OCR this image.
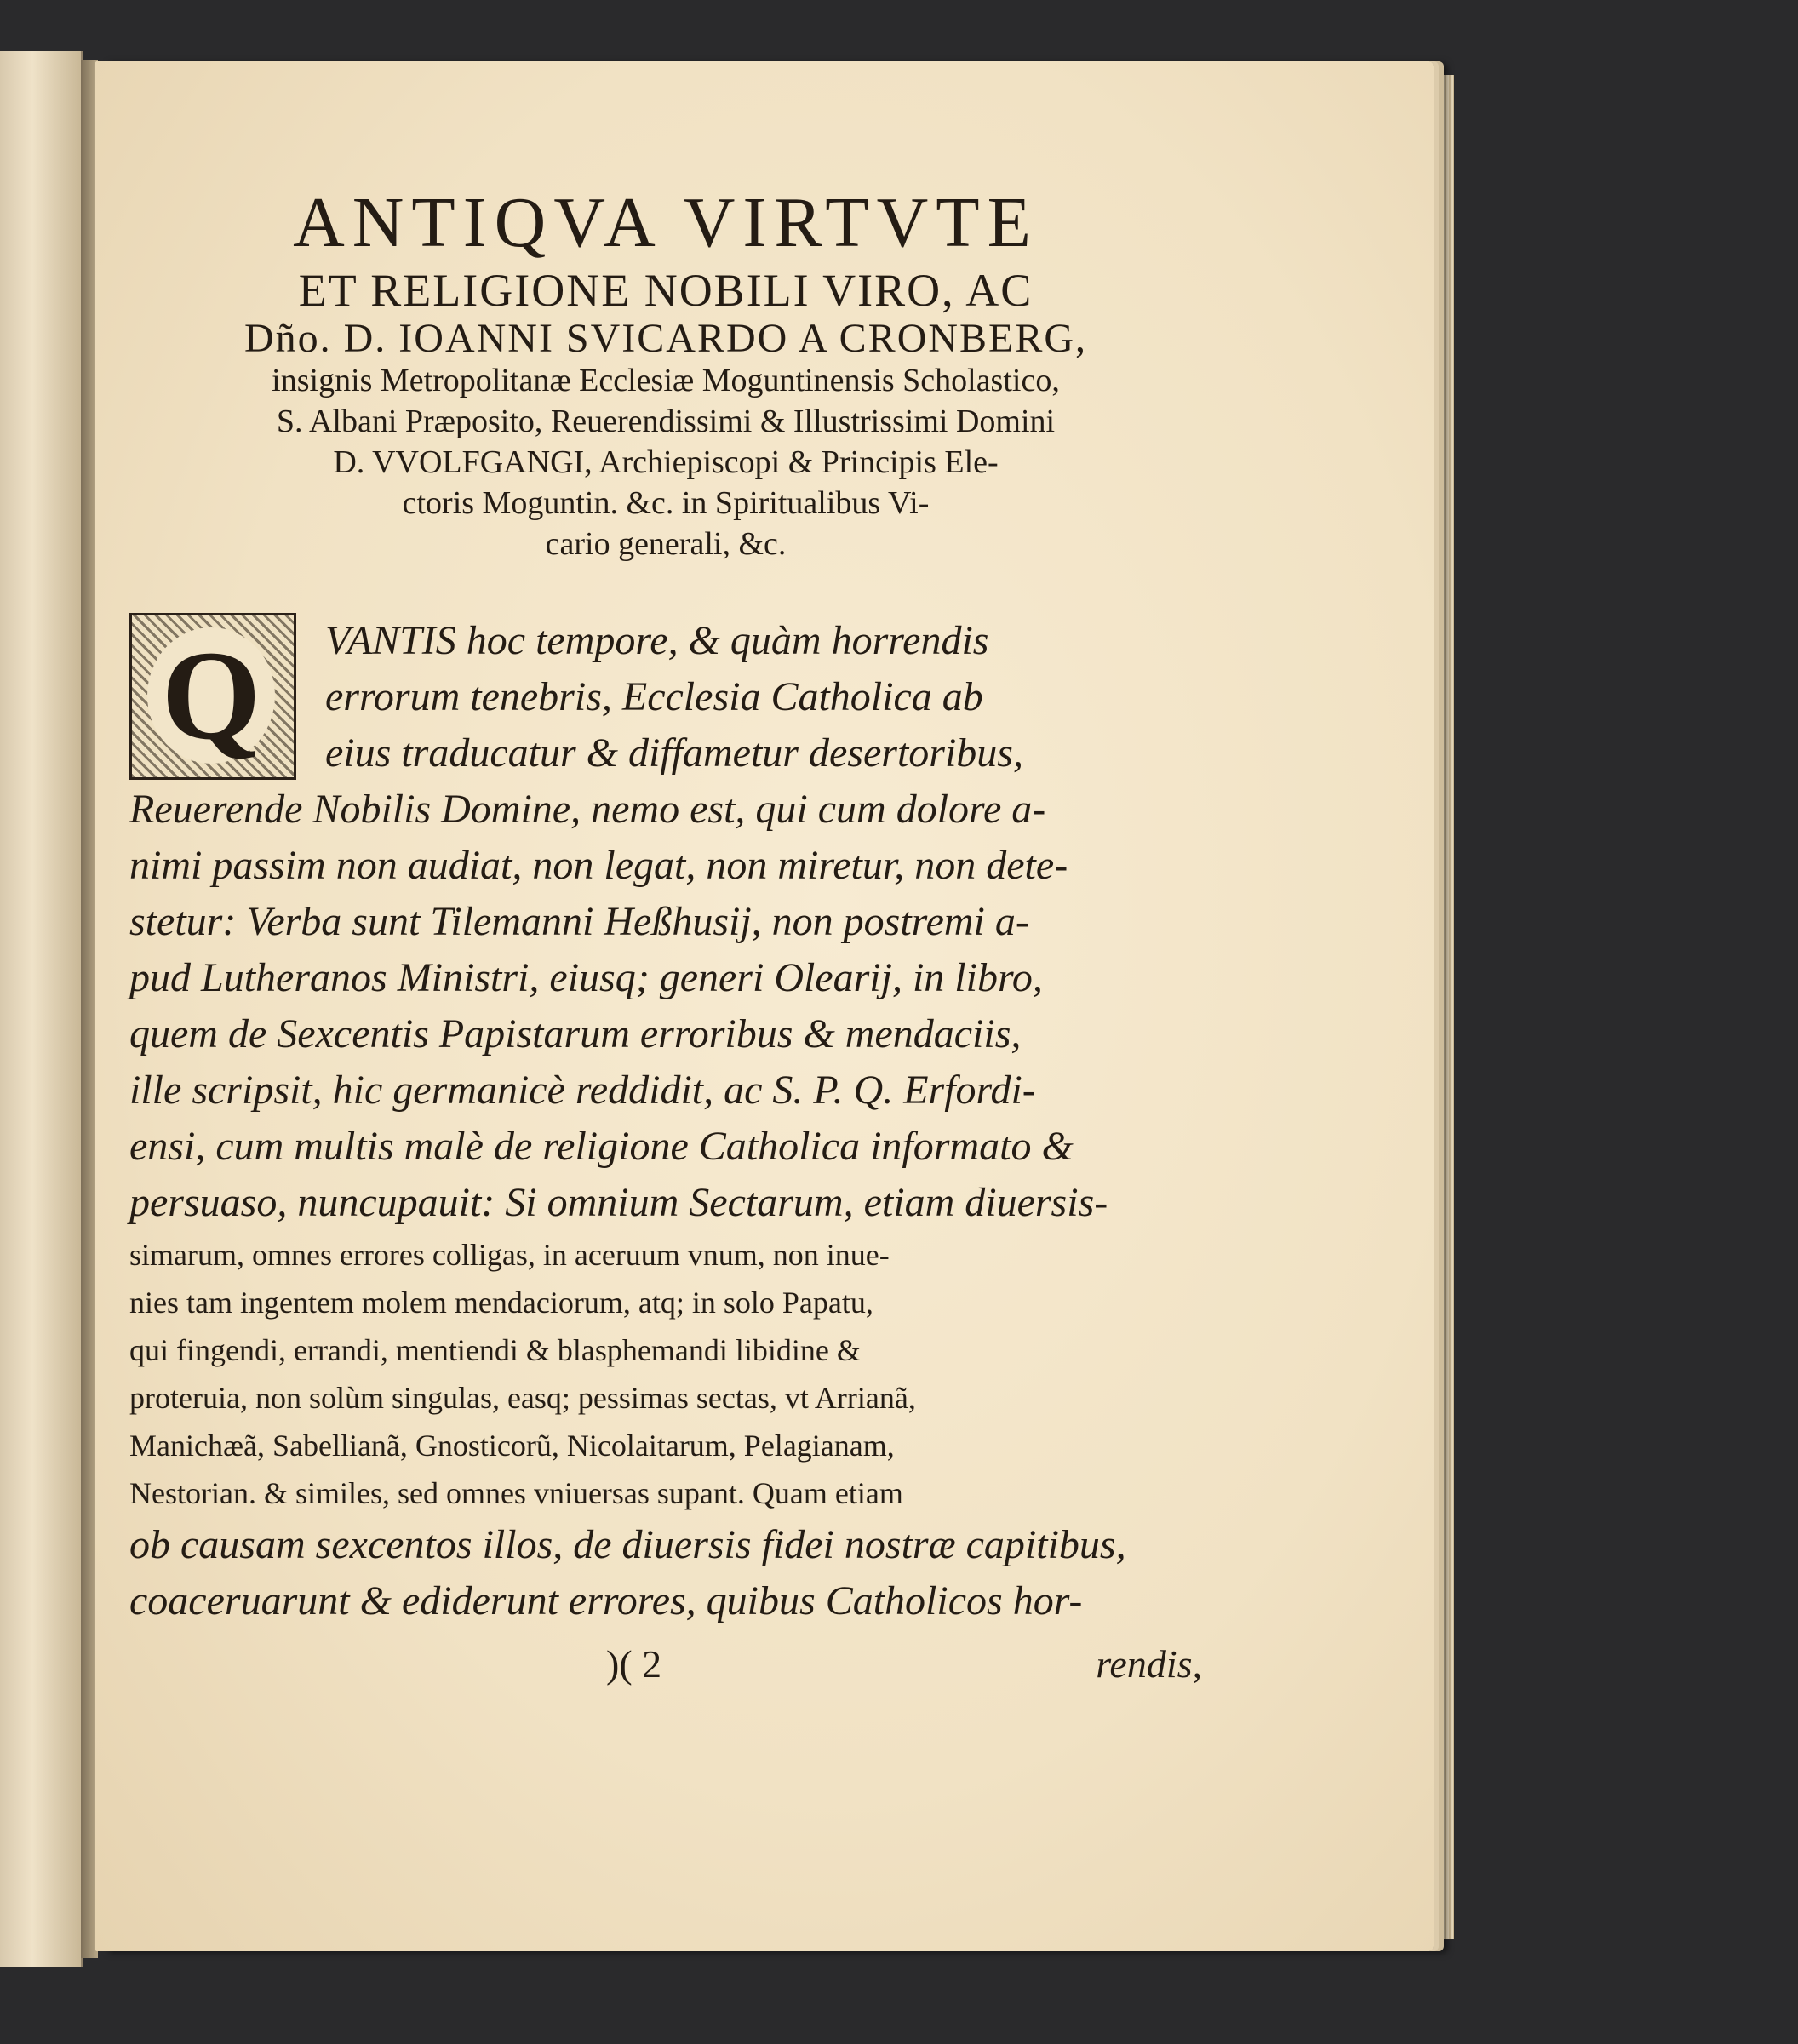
ANTIQVA VIRTVTE
ET RELIGIONE NOBILI VIRO, AC
Dño. D. IOANNI SVICARDO A CRONBERG,
insignis Metropolitanæ Ecclesiæ Moguntinensis Scholastico,
S. Albani Præposito, Reuerendissimi & Illustrissimi Domini
D. VVOLFGANGI, Archiepiscopi & Principis Ele-
ctoris Moguntin. &c. in Spiritualibus Vi-
cario generali, &c.
Q	VANTIS hoc tempore, & quàm horrendis
errorum tenebris, Ecclesia Catholica ab
eius traducatur & diffametur desertoribus,
Reuerende Nobilis Domine, nemo est, qui cum dolore a-
nimi passim non audiat, non legat, non miretur, non dete-
stetur: Verba sunt Tilemanni Heßhusij, non postremi a-
pud Lutheranos Ministri, eiusq; generi Olearij, in libro,
quem de Sexcentis Papistarum erroribus & mendaciis,
ille scripsit, hic germanicè reddidit, ac S. P. Q. Erfordi-
ensi, cum multis malè de religione Catholica informato &
persuaso, nuncupauit: Si omnium Sectarum, etiam diuersis-
simarum, omnes errores colligas, in aceruum vnum, non inue-
nies tam ingentem molem mendaciorum, atq; in solo Papatu,
qui fingendi, errandi, mentiendi & blasphemandi libidine &
proteruia, non solùm singulas, easq; pessimas sectas, vt Arrianã,
Manichæã, Sabellianã, Gnosticorũ, Nicolaitarum, Pelagianam,
Nestorian. & similes, sed omnes vniuersas supant. Quam etiam
ob causam sexcentos illos, de diuersis fidei nostræ capitibus,
coaceruarunt & ediderunt errores, quibus Catholicos hor-
)( 2	rendis,
